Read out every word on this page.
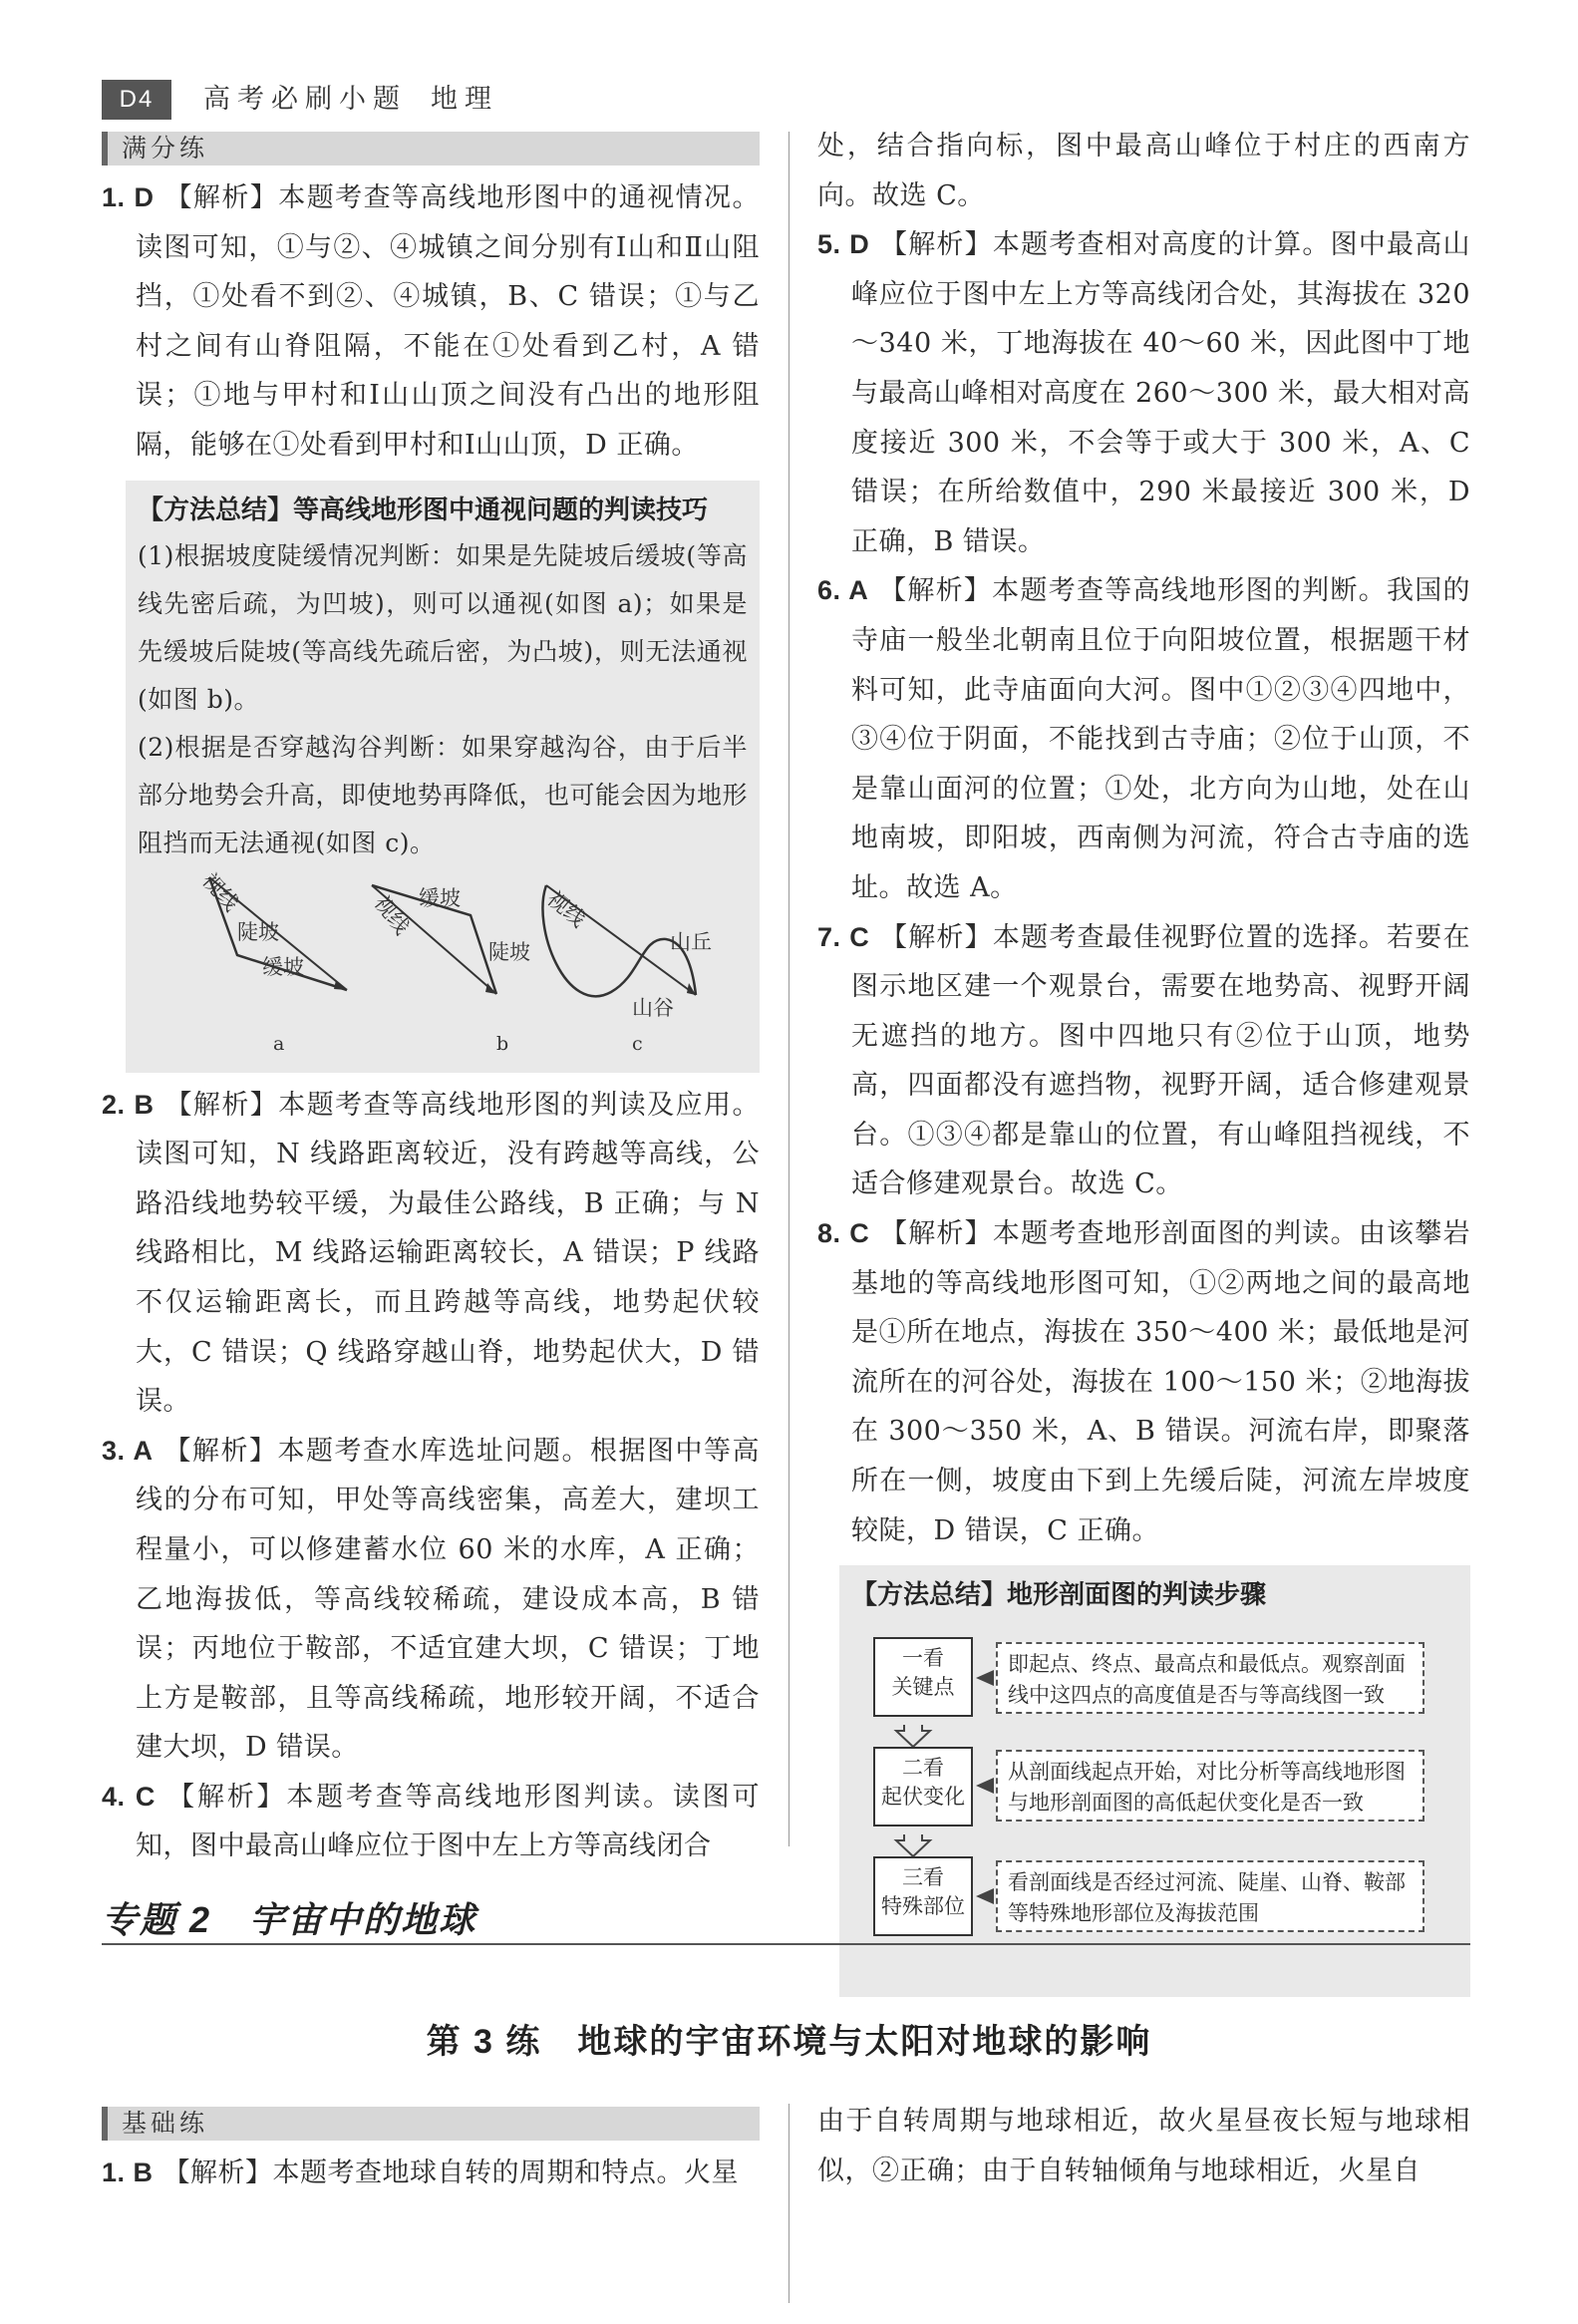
D4	高考必刷小题 地理
满分练

1. D 【解析】本题考查等高线地形图中的通视情况。读图可知，①与②、④城镇之间分别有Ⅰ山和Ⅱ山阻挡，①处看不到②、④城镇，B、C 错误；①与乙村之间有山脊阻隔，不能在①处看到乙村，A 错误；①地与甲村和Ⅰ山山顶之间没有凸出的地形阻隔，能够在①处看到甲村和Ⅰ山山顶，D 正确。

【方法总结】等高线地形图中通视问题的判读技巧

(1)根据坡度陡缓情况判断：如果是先陡坡后缓坡(等高线先密后疏，为凹坡)，则可以通视(如图 a)；如果是先缓坡后陡坡(等高线先疏后密，为凸坡)，则无法通视(如图 b)。

(2)根据是否穿越沟谷判断：如果穿越沟谷，由于后半部分地势会升高，即使地势再降低，也可能会因为地形阻挡而无法通视(如图 c)。

视线
陡坡
缓坡
a
视线 缓坡
陡坡
b
视线
山丘
山谷
c

2. B 【解析】本题考查等高线地形图的判读及应用。读图可知，N 线路距离较近，没有跨越等高线，公路沿线地势较平缓，为最佳公路线，B 正确；与 N 线路相比，M 线路运输距离较长，A 错误；P 线路不仅运输距离长，而且跨越等高线，地势起伏较大，C 错误；Q 线路穿越山脊，地势起伏大，D 错误。

3. A 【解析】本题考查水库选址问题。根据图中等高线的分布可知，甲处等高线密集，高差大，建坝工程量小，可以修建蓄水位 60 米的水库，A 正确；乙地海拔低，等高线较稀疏，建设成本高，B 错误；丙地位于鞍部，不适宜建大坝，C 错误；丁地上方是鞍部，且等高线稀疏，地形较开阔，不适合建大坝，D 错误。

4. C 【解析】本题考查等高线地形图判读。读图可知，图中最高山峰应位于图中左上方等高线闭合

处，结合指向标，图中最高山峰位于村庄的西南方向。故选 C。

5. D 【解析】本题考查相对高度的计算。图中最高山峰应位于图中左上方等高线闭合处，其海拔在 320～340 米，丁地海拔在 40～60 米，因此图中丁地与最高山峰相对高度在 260～300 米，最大相对高度接近 300 米，不会等于或大于 300 米，A、C 错误；在所给数值中，290 米最接近 300 米，D 正确，B 错误。

6. A 【解析】本题考查等高线地形图的判断。我国的寺庙一般坐北朝南且位于向阳坡位置，根据题干材料可知，此寺庙面向大河。图中①②③④四地中，③④位于阴面，不能找到古寺庙；②位于山顶，不是靠山面河的位置；①处，北方向为山地，处在山地南坡，即阳坡，西南侧为河流，符合古寺庙的选址。故选 A。

7. C 【解析】本题考查最佳视野位置的选择。若要在图示地区建一个观景台，需要在地势高、视野开阔无遮挡的地方。图中四地只有②位于山顶，地势高，四面都没有遮挡物，视野开阔，适合修建观景台。①③④都是靠山的位置，有山峰阻挡视线，不适合修建观景台。故选 C。

8. C 【解析】本题考查地形剖面图的判读。由该攀岩基地的等高线地形图可知，①②两地之间的最高地是①所在地点，海拔在 350～400 米；最低地是河流所在的河谷处，海拔在 100～150 米；②地海拔在 300～350 米，A、B 错误。河流右岸，即聚落所在一侧，坡度由下到上先缓后陡，河流左岸坡度较陡，D 错误，C 正确。

【方法总结】地形剖面图的判读步骤
一看
关键点
即起点、终点、最高点和最低点。观察剖面线中这四点的高度值是否与等高线图一致
二看
起伏变化
从剖面线起点开始，对比分析等高线地形图与地形剖面图的高低起伏变化是否一致
三看
特殊部位
看剖面线是否经过河流、陡崖、山脊、鞍部等特殊地形部位及海拔范围
专题 2　宇宙中的地球
第 3 练　地球的宇宙环境与太阳对地球的影响
基础练

1. B 【解析】本题考查地球自转的周期和特点。火星

由于自转周期与地球相近，故火星昼夜长短与地球相似，②正确；由于自转轴倾角与地球相近，火星自
